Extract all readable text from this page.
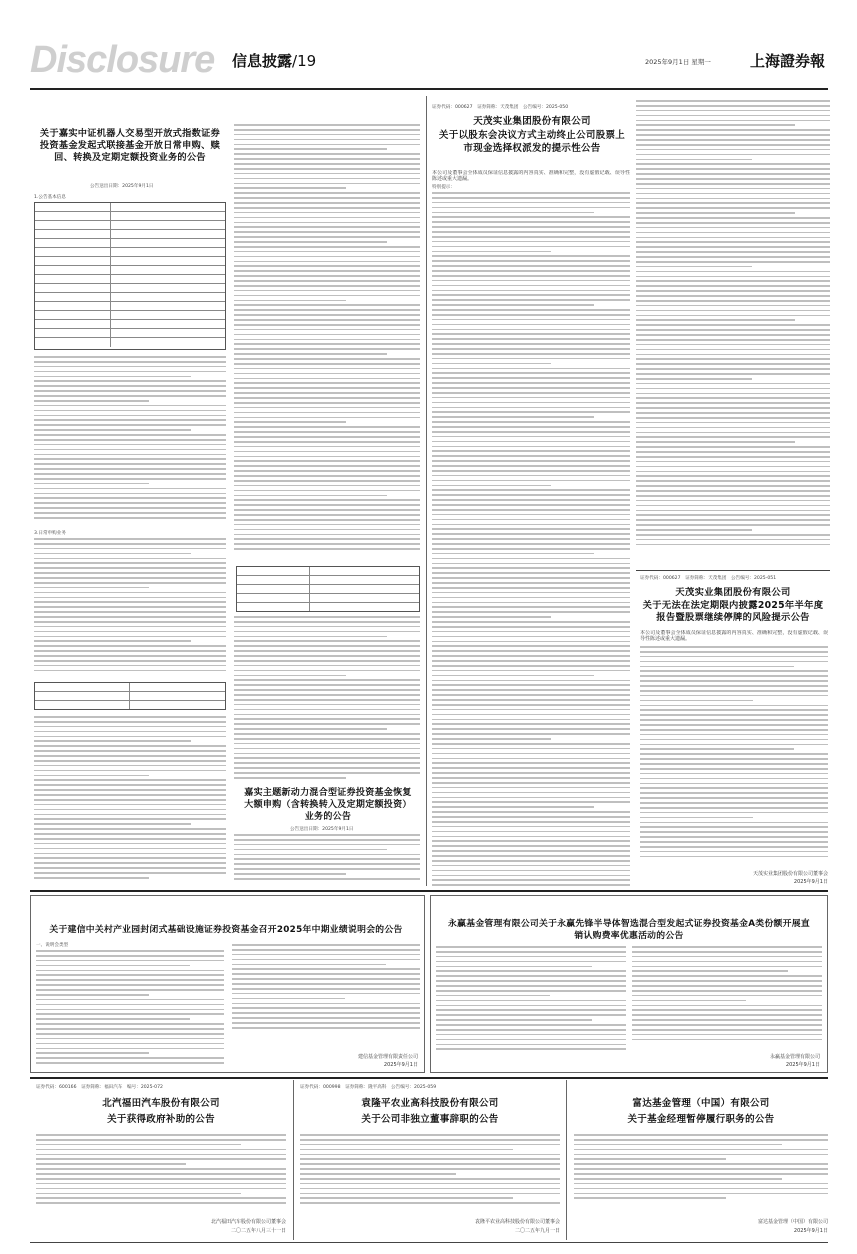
Disclosure 信息披露/19	2025年9月1日 星期一	上海證券報
关于嘉实中证机器人交易型开放式指数证券投资基金发起式联接基金开放日常申购、赎回、转换及定期定额投资业务的公告
公告送出日期：2025年9月1日
1.公告基本信息
3.日常申购业务
嘉实主题新动力混合型证券投资基金恢复大额申购（含转换转入及定期定额投资）业务的公告
公告送出日期：2025年9月1日
证券代码：000627　证券简称：天茂集团　公告编号：2025-050
天茂实业集团股份有限公司
关于以股东会决议方式主动终止公司股票上市现金选择权派发的提示性公告
本公司及董事会全体成员保证信息披露的内容真实、准确和完整，没有虚假记载、误导性陈述或重大遗漏。
特别提示：
证券代码：000627　证券简称：天茂集团　公告编号：2025-051
天茂实业集团股份有限公司
关于无法在法定期限内披露2025年半年度报告暨股票继续停牌的风险提示公告
本公司及董事会全体成员保证信息披露的内容真实、准确和完整，没有虚假记载、误导性陈述或重大遗漏。
天茂实业集团股份有限公司董事会
2025年9月1日
关于建信中关村产业园封闭式基础设施证券投资基金召开2025年中期业绩说明会的公告
一、说明会类型
建信基金管理有限责任公司
2025年9月1日
永赢基金管理有限公司关于永赢先锋半导体智选混合型发起式证券投资基金A类份额开展直销认购费率优惠活动的公告
永赢基金管理有限公司
2025年9月1日
证券代码：600166　证券简称：福田汽车　编号：2025-072
北汽福田汽车股份有限公司
关于获得政府补助的公告
北汽福田汽车股份有限公司董事会
二〇二五年八月三十一日
证券代码：000998　证券简称：隆平高科　公告编号：2025-059
袁隆平农业高科技股份有限公司
关于公司非独立董事辞职的公告
袁隆平农业高科技股份有限公司董事会
二〇二五年九月一日
富达基金管理（中国）有限公司
关于基金经理暂停履行职务的公告
富达基金管理（中国）有限公司
2025年9月1日
